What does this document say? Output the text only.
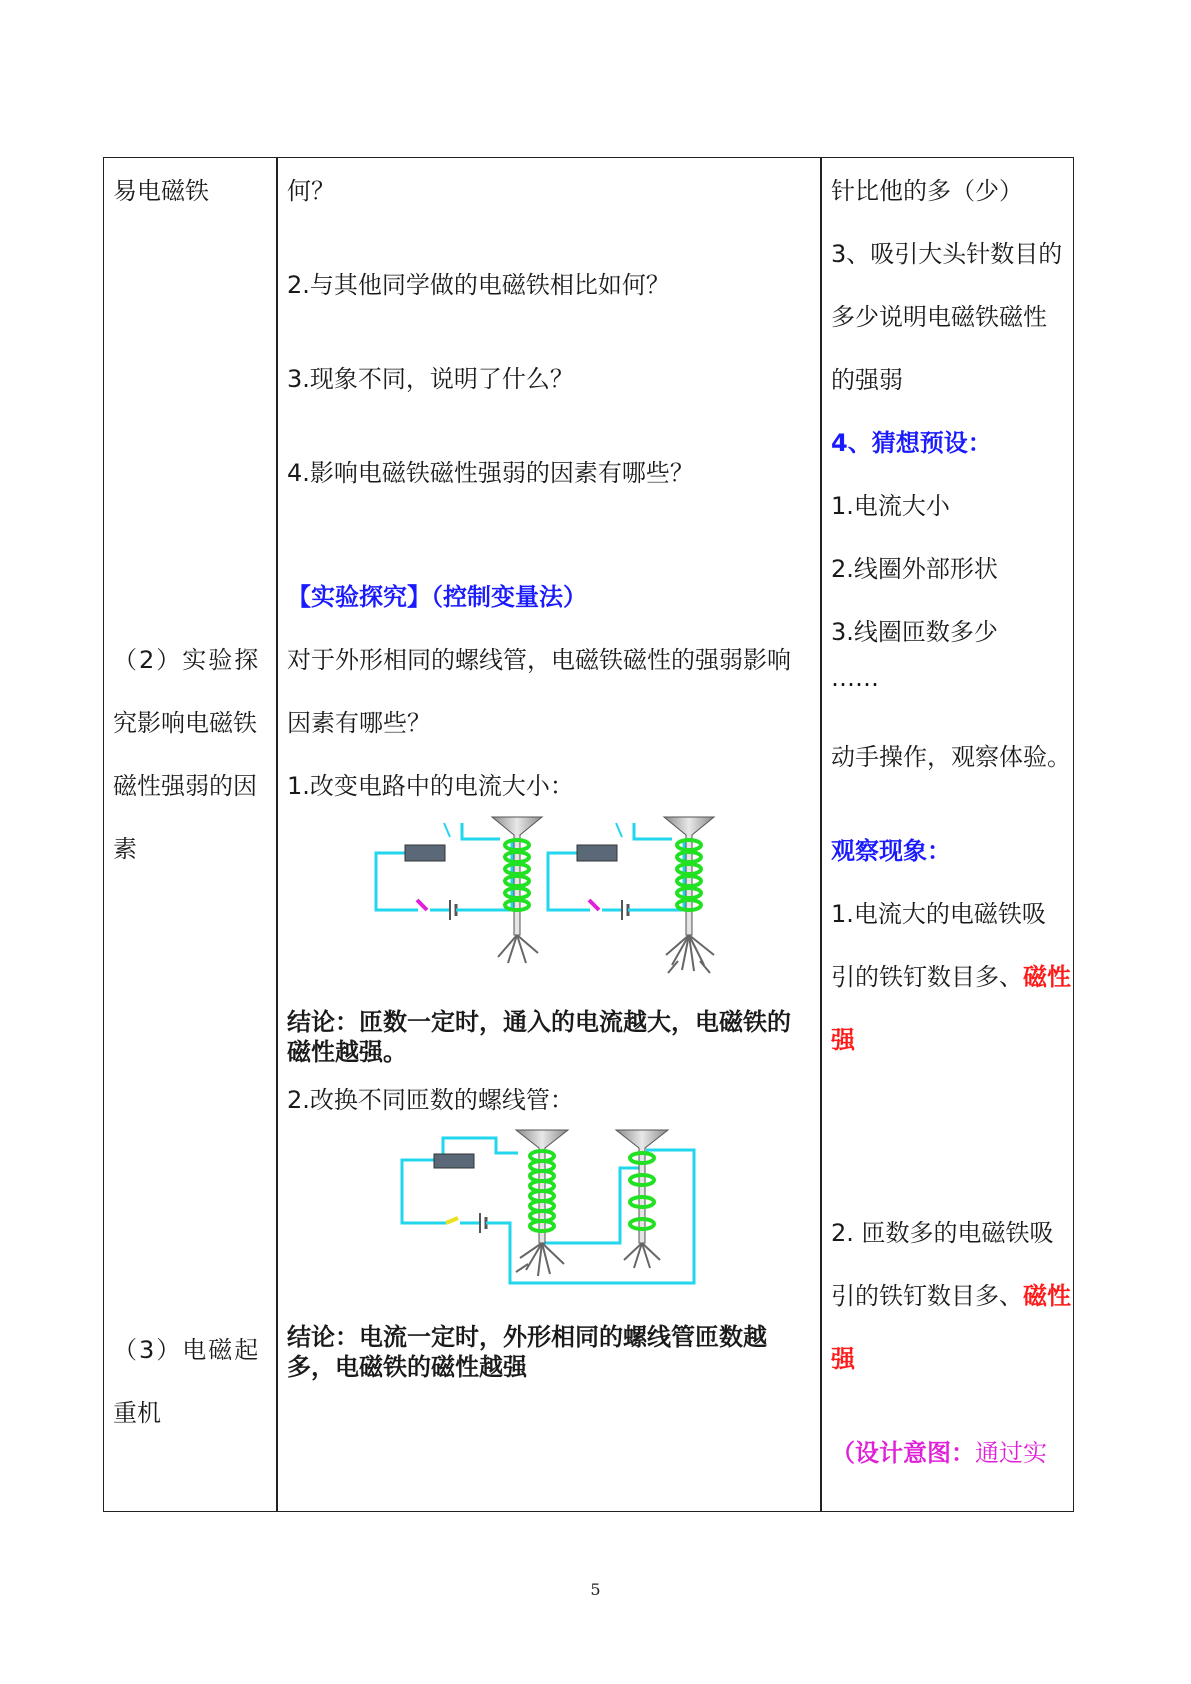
易电磁铁
（2）实验探
究影响电磁铁
磁性强弱的因
素
（3）电磁起
重机
何？
2.与其他同学做的电磁铁相比如何？
3.现象不同，说明了什么？
4.影响电磁铁磁性强弱的因素有哪些？
【实验探究】（控制变量法）
对于外形相同的螺线管，电磁铁磁性的强弱影响
因素有哪些？
1.改变电路中的电流大小：
结论：匝数一定时，通入的电流越大，电磁铁的
磁性越强。
2.改换不同匝数的螺线管：
结论：电流一定时，外形相同的螺线管匝数越
多，电磁铁的磁性越强
针比他的多（少）
3、吸引大头针数目的
多少说明电磁铁磁性
的强弱
4、猜想预设：
1.电流大小
2.线圈外部形状
3.线圈匝数多少
……
动手操作，观察体验。
观察现象：
1.电流大的电磁铁吸
引的铁钉数目多、磁性
强
2. 匝数多的电磁铁吸
引的铁钉数目多、磁性
强
（设计意图：通过实
5
